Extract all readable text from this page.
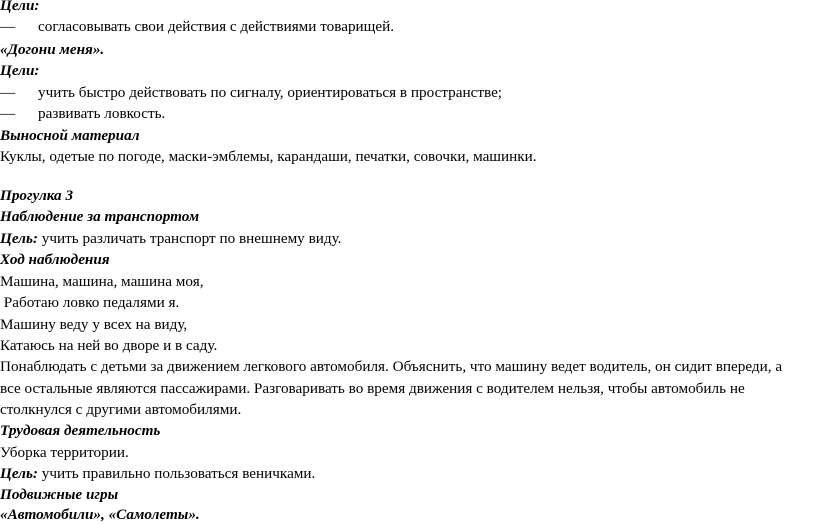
Цели:
— согласовывать свои действия с действиями товарищей.
«Догони меня».
Цели:
— учить быстро действовать по сигналу, ориентироваться в пространстве;
— развивать ловкость.
Выносной материал
Куклы, одетые по погоде, маски-эмблемы, карандаши, печатки, совочки, машинки.
Прогулка 3
Наблюдение за транспортом
Цель: учить различать транспорт по внешнему виду.
Ход наблюдения
Машина, машина, машина моя,
Работаю ловко педалями я.
Машину веду у всех на виду,
Катаюсь на ней во дворе и в саду.
Понаблюдать с детьми за движением легкового автомобиля. Объяснить, что машину ведет водитель, он сидит впереди, а
все остальные являются пассажирами. Разговаривать во время движения с водителем нельзя, чтобы автомобиль не
столкнулся с другими автомобилями.
Трудовая деятельность
Уборка территории.
Цель: учить правильно пользоваться веничками.
Подвижные игры
«Автомобили», «Самолеты».
